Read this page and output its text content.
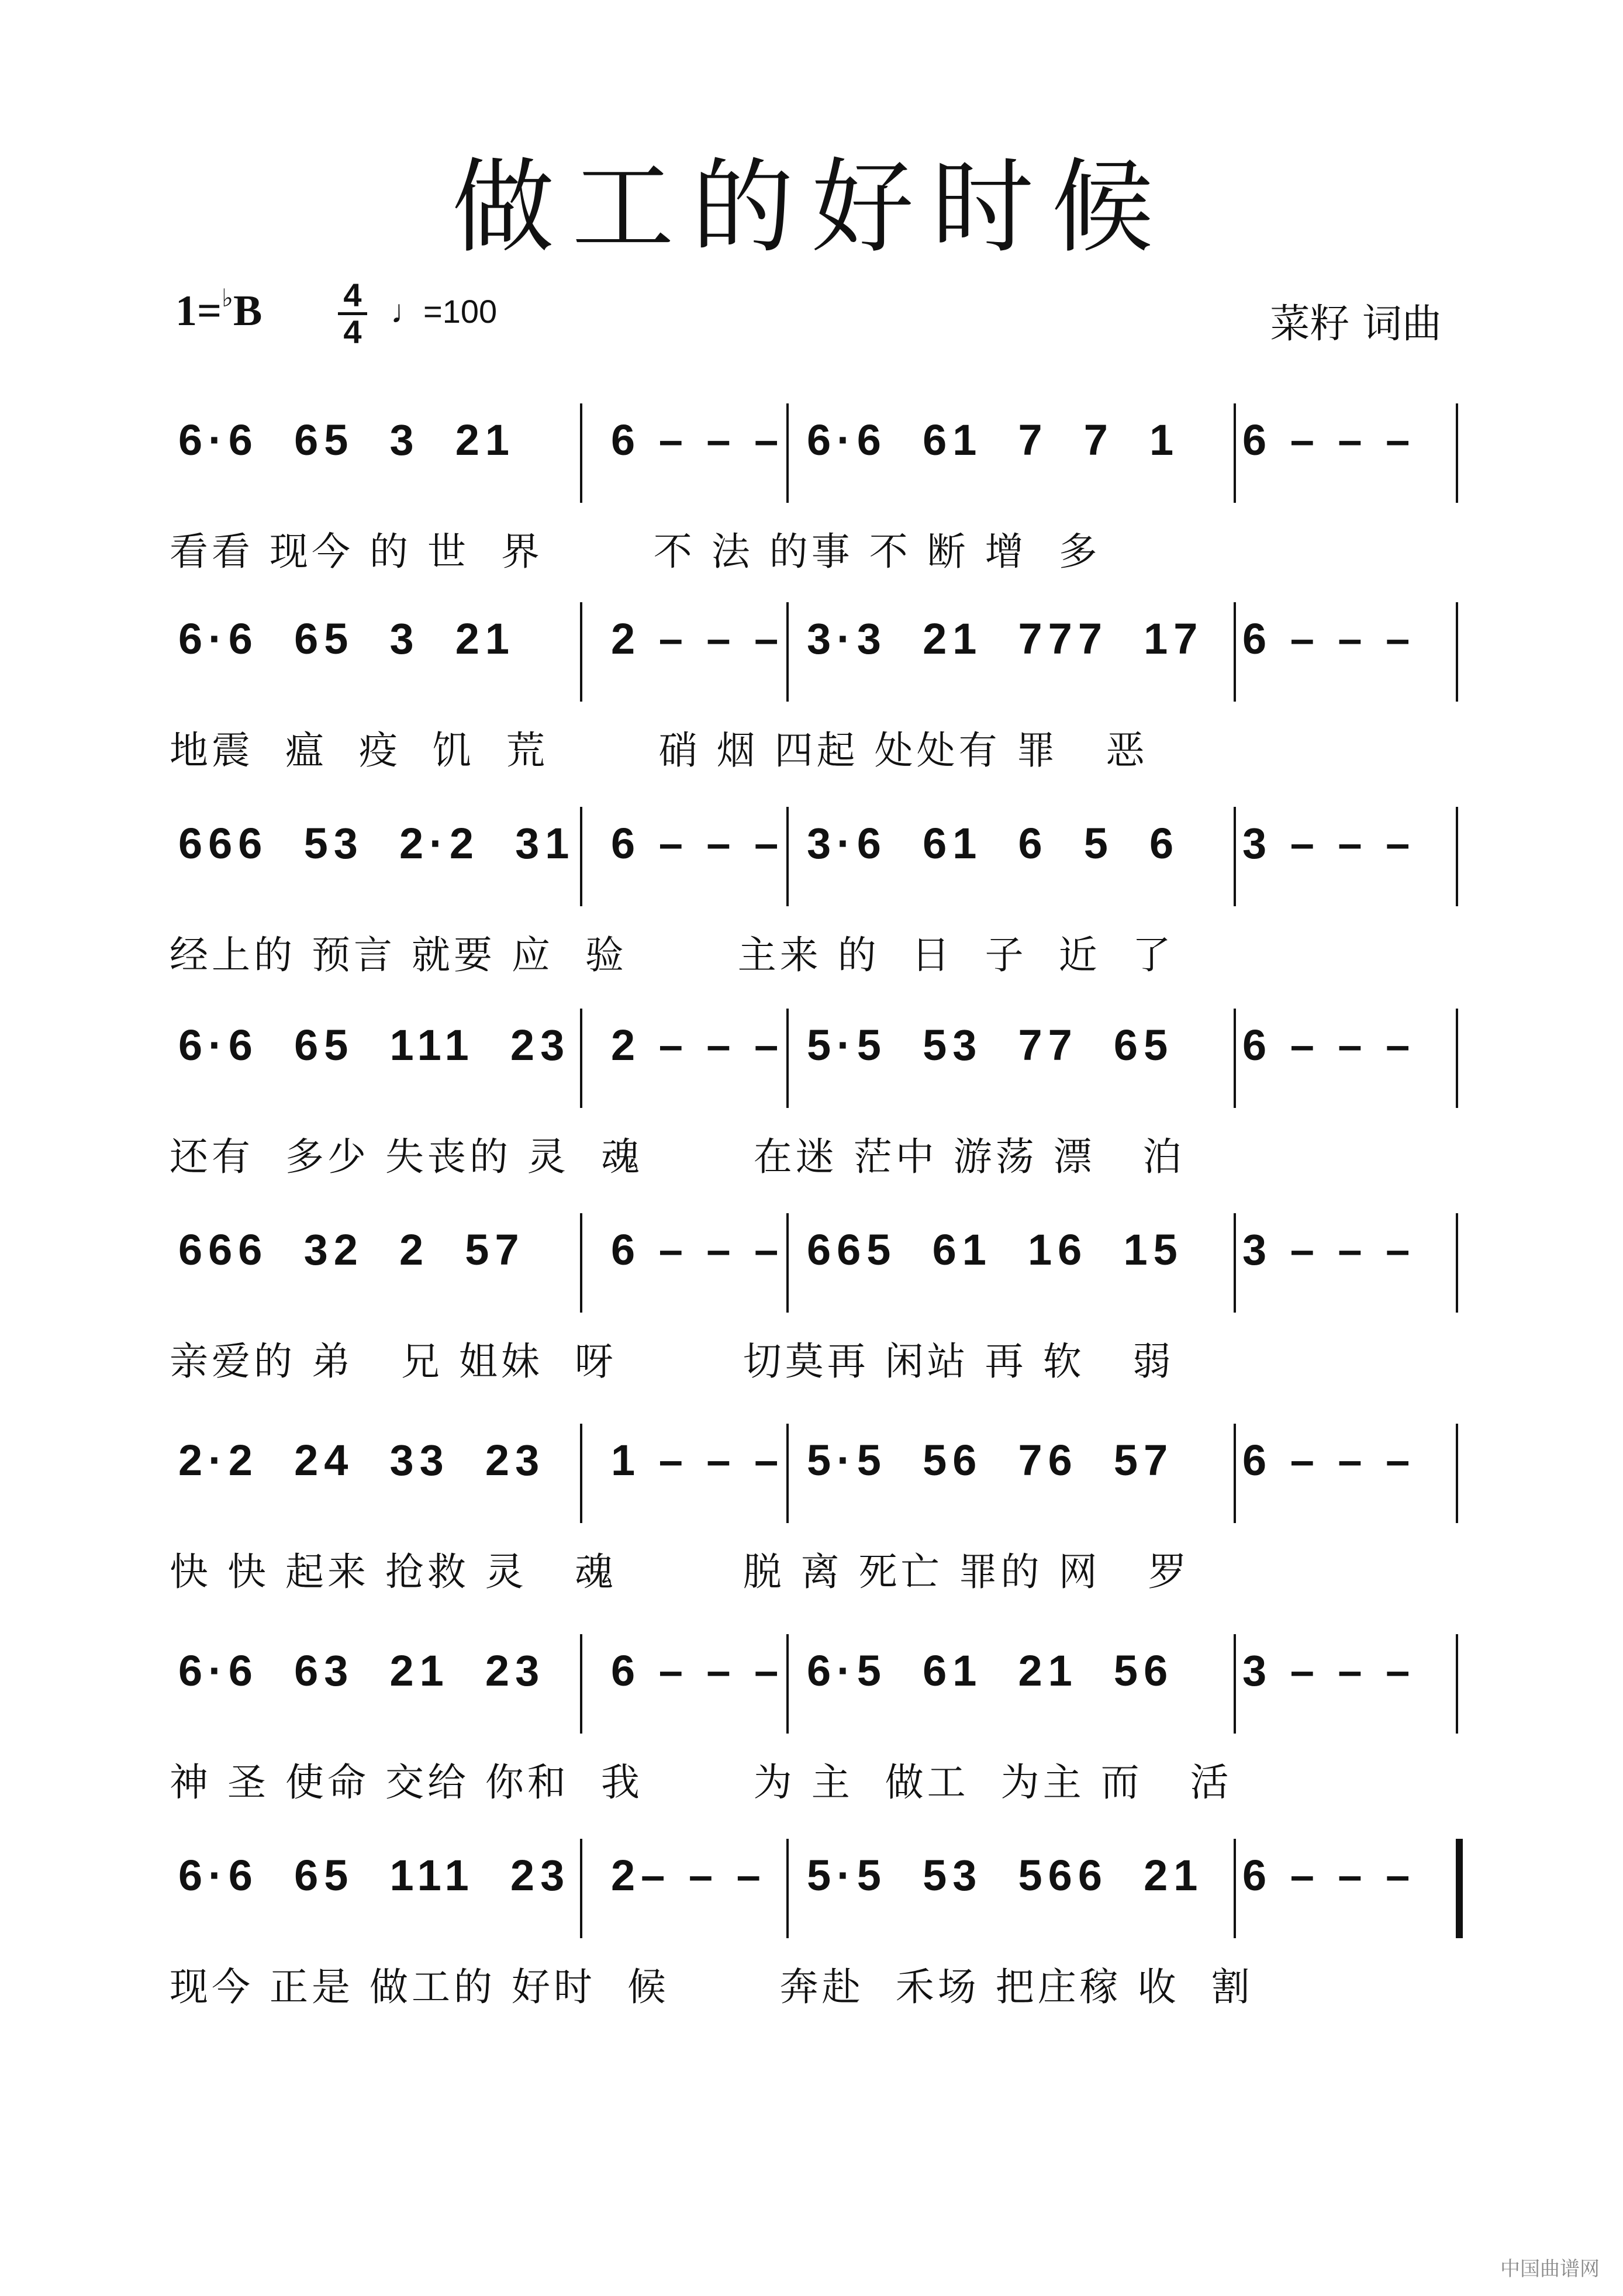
做工的好时候
1=♭B 4
4
♩=100	菜籽 词曲
6·6  65  3  21 6 – – – 6·6  61  7  7  1 6 – – –
看看 现今 的 世  界       不 法 的事 不 断 增  多
6·6  65  3  21 2 – – – 3·3  21  777  17 6 – – –
地震  瘟  疫  饥  荒       硝 烟 四起 处处有 罪   恶
666  53  2·2  31 6 – – – 3·6  61  6  5  6 3 – – –
经上的 预言 就要 应  验       主来 的  日  子  近  了
6·6  65  111  23 2 – – – 5·5  53  77  65 6 – – –
还有  多少 失丧的 灵  魂       在迷 茫中 游荡 漂   泊
666  32  2  57 6 – – – 665  61  16  15 3 – – –
亲爱的 弟   兄 姐妹  呀        切莫再 闲站 再 软   弱
2·2  24  33  23 1 – – – 5·5  56  76  57 6 – – –
快 快 起来 抢救 灵   魂        脱 离 死亡 罪的 网   罗
6·6  63  21  23 6 – – – 6·5  61  21  56 3 – – –
神 圣 使命 交给 你和  我       为 主  做工  为主 而   活
6·6  65  111  23 2– – – 5·5  53  566  21 6 – – –
现今 正是 做工的 好时  候       奔赴  禾场 把庄稼 收  割
中国曲谱网
